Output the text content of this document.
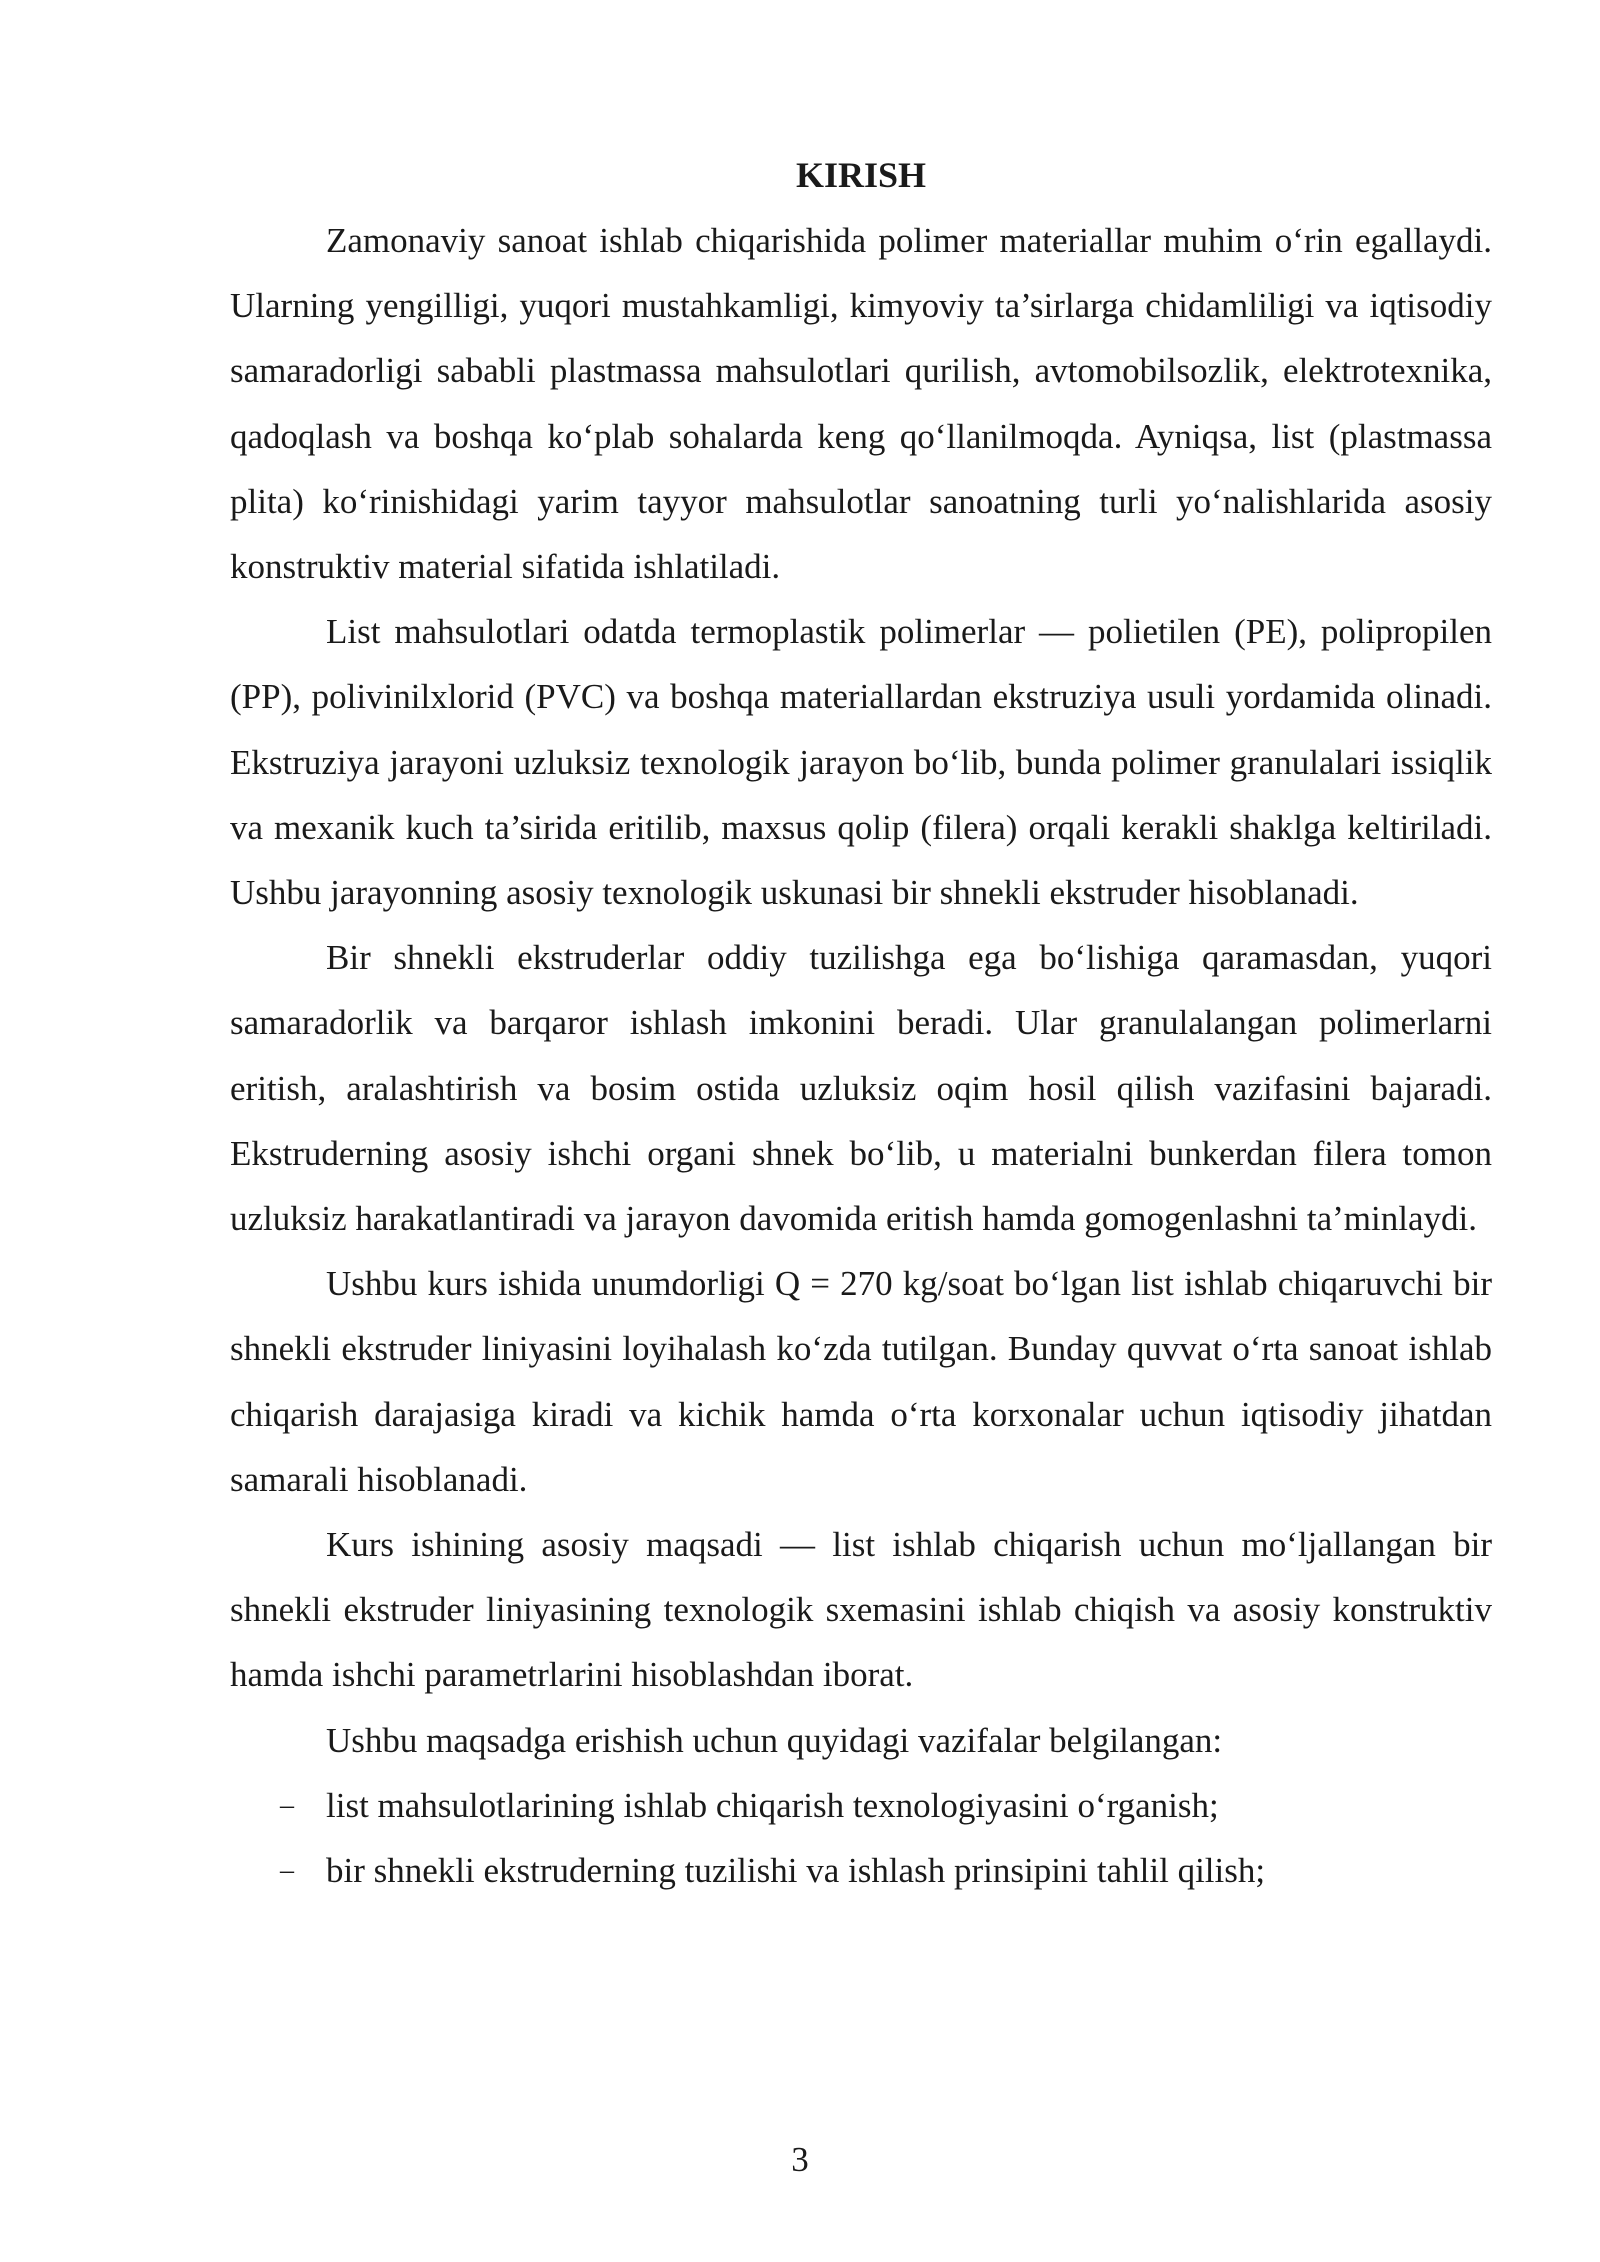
KIRISH

Zamonaviy sanoat ishlab chiqarishida polimer materiallar muhim o‘rin egallaydi. Ularning yengilligi, yuqori mustahkamligi, kimyoviy ta’sirlarga chidamliligi va iqtisodiy samaradorligi sababli plastmassa mahsulotlari qurilish, avtomobilsozlik, elektrotexnika, qadoqlash va boshqa ko‘plab sohalarda keng qo‘llanilmoqda. Ayniqsa, list (plastmassa plita) ko‘rinishidagi yarim tayyor mahsulotlar sanoatning turli yo‘nalishlarida asosiy konstruktiv material sifatida ishlatiladi.

List mahsulotlari odatda termoplastik polimerlar — polietilen (PE), polipropilen (PP), polivinilxlorid (PVC) va boshqa materiallardan ekstruziya usuli yordamida olinadi. Ekstruziya jarayoni uzluksiz texnologik jarayon bo‘lib, bunda polimer granulalari issiqlik va mexanik kuch ta’sirida eritilib, maxsus qolip (filera) orqali kerakli shaklga keltiriladi. Ushbu jarayonning asosiy texnologik uskunasi bir shnekli ekstruder hisoblanadi.

Bir shnekli ekstruderlar oddiy tuzilishga ega bo‘lishiga qaramasdan, yuqori samaradorlik va barqaror ishlash imkonini beradi. Ular granulalangan polimerlarni eritish, aralashtirish va bosim ostida uzluksiz oqim hosil qilish vazifasini bajaradi. Ekstruderning asosiy ishchi organi shnek bo‘lib, u materialni bunkerdan filera tomon uzluksiz harakatlantiradi va jarayon davomida eritish hamda gomogenlashni ta’minlaydi.

Ushbu kurs ishida unumdorligi Q = 270 kg/soat bo‘lgan list ishlab chiqaruvchi bir shnekli ekstruder liniyasini loyihalash ko‘zda tutilgan. Bunday quvvat o‘rta sanoat ishlab chiqarish darajasiga kiradi va kichik hamda o‘rta korxonalar uchun iqtisodiy jihatdan samarali hisoblanadi.

Kurs ishining asosiy maqsadi — list ishlab chiqarish uchun mo‘ljallangan bir shnekli ekstruder liniyasining texnologik sxemasini ishlab chiqish va asosiy konstruktiv hamda ishchi parametrlarini hisoblashdan iborat.

Ushbu maqsadga erishish uchun quyidagi vazifalar belgilangan:

– list mahsulotlarining ishlab chiqarish texnologiyasini o‘rganish;
– bir shnekli ekstruderning tuzilishi va ishlash prinsipini tahlil qilish;
3
